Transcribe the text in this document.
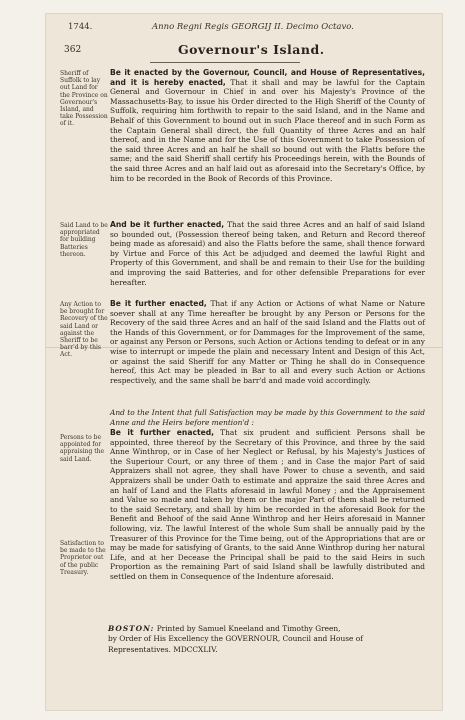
1744.	Anno Regni Regis GEORGIJ II. Decimo Octavo.
362	Governour's Island.
Sheriff of Suffolk to lay out Land for the Province on Governour's Island, and take Possession of it.

Be it enacted by the Governour, Council, and House of Representatives, and it is hereby enacted, That it shall and may be lawful for the Captain General and Governour in Chief in and over his Majesty's Province of the Massachusetts-Bay, to issue his Order directed to the High Sheriff of the County of Suffolk, requiring him forthwith to repair to the said Island, and in the Name and Behalf of this Government to bound out in such Place thereof and in such Form as the Captain General shall direct, the full Quantity of three Acres and an half thereof, and in the Name and for the Use of this Government to take Possession of the said three Acres and an half he shall so bound out with the Flatts before the same; and the said Sheriff shall certify his Proceedings herein, with the Bounds of the said three Acres and an half laid out as aforesaid into the Secretary's Office, by him to be recorded in the Book of Records of this Province.

Said Land to be appropriated for building Batteries thereon.

And be it further enacted, That the said three Acres and an half of said Island so bounded out, (Possession thereof being taken, and Return and Record thereof being made as aforesaid) and also the Flatts before the same, shall thence forward by Virtue and Force of this Act be adjudged and deemed the lawful Right and Property of this Government, and shall be and remain to their Use for the building and improving the said Batteries, and for other defensible Preparations for ever hereafter.

Any Action to be brought for Recovery of the said Land or against the Sheriff to be barr'd by this Act.

Be it further enacted, That if any Action or Actions of what Name or Nature soever shall at any Time hereafter be brought by any Person or Persons for the Recovery of the said three Acres and an half of the said Island and the Flatts out of the Hands of this Government, or for Dammages for the Improvement of the same, or against any Person or Persons, such Action or Actions tending to defeat or in any wise to interrupt or impede the plain and necessary Intent and Design of this Act, or against the said Sheriff for any Matter or Thing he shall do in Consequence hereof, this Act may be pleaded in Bar to all and every such Action or Actions respectively, and the same shall be barr'd and made void accordingly.

And to the Intent that full Satisfaction may be made by this Government to the said Anne and the Heirs before mention'd :
Persons to be appointed for appraising the said Land.

Be it further enacted, That six prudent and sufficient Persons shall be appointed, three thereof by the Secretary of this Province, and three by the said Anne Winthrop, or in Case of her Neglect or Refusal, by his Majesty's Justices of the Superiour Court, or any three of them ; and in Case the major Part of said Appraizers shall not agree, they shall have Power to chuse a seventh, and said Appraizers shall be under Oath to estimate and appraize the said three Acres and an half of Land and the Flatts aforesaid in lawful Money ; and the Appraisement and Value so made and taken by them or the major Part of them shall be returned to the said Secretary, and shall by him be recorded in the aforesaid Book for the Benefit and Behoof of the said Anne Winthrop and her Heirs aforesaid in Manner following, viz. The lawful Interest of the whole Sum shall be annually paid by the Treasurer of this Province for the Time being, out of the Appropriations that are or may be made for satisfying of Grants, to the said Anne Winthrop during her natural Life, and at her Decease the Principal shall be paid to the said Heirs in such Proportion as the remaining Part of said Island shall be lawfully distributed and settled on them in Consequence of the Indenture aforesaid.

Satisfaction to be made to the Proprietor out of the public Treasury.
BOSTON: Printed by Samuel Kneeland and Timothy Green,
by Order of His Excellency the GOVERNOUR, Council and House of
Representatives. MDCCXLIV.
